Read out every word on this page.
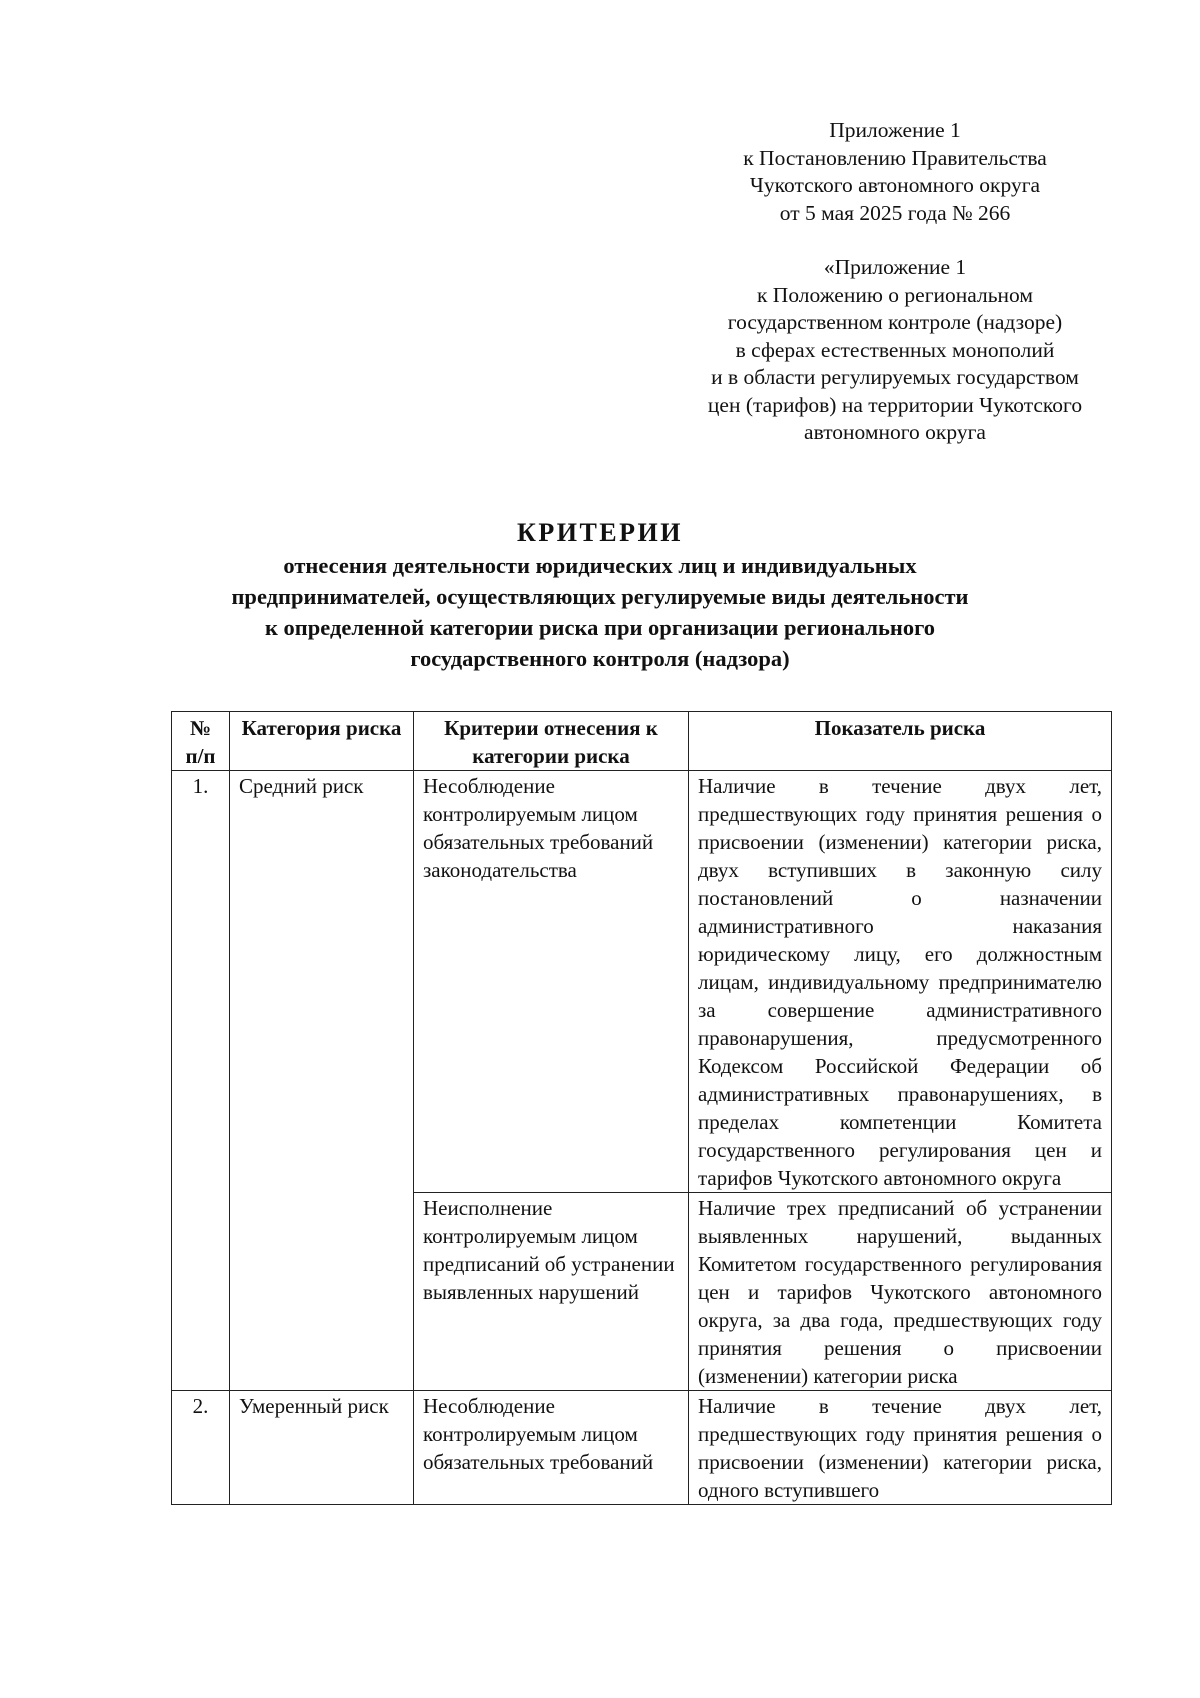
Приложение 1
к Постановлению Правительства
Чукотского автономного округа
от 5 мая 2025 года № 266
«Приложение 1
к Положению о региональном
государственном контроле (надзоре)
в сферах естественных монополий
и в области регулируемых государством
цен (тарифов) на территории Чукотского
автономного округа
КРИТЕРИИ
отнесения деятельности юридических лиц и индивидуальных
предпринимателей, осуществляющих регулируемые виды деятельности
к определенной категории риска при организации регионального
государственного контроля (надзора)
№ п/п	Категория риска	Критерии отнесения к категории риска	Показатель риска
1.	Средний риск	Несоблюдение контролируемым лицом обязательных требований законодательства	Наличие в течение двух лет, предшествующих году принятия решения о присвоении (изменении) категории риска, двух вступивших в законную силу постановлений о назначении административного наказания юридическому лицу, его должностным лицам, индивидуальному предпринимателю за совершение административного правонарушения, предусмотренного Кодексом Российской Федерации об административных правонарушениях, в пределах компетенции Комитета государственного регулирования цен и тарифов Чукотского автономного округа
		Неисполнение контролируемым лицом предписаний об устранении выявленных нарушений	Наличие трех предписаний об устранении выявленных нарушений, выданных Комитетом государственного регулирования цен и тарифов Чукотского автономного округа, за два года, предшествующих году принятия решения о присвоении (изменении) категории риска
2.	Умеренный риск	Несоблюдение контролируемым лицом обязательных требований	Наличие в течение двух лет, предшествующих году принятия решения о присвоении (изменении) категории риска, одного вступившего
